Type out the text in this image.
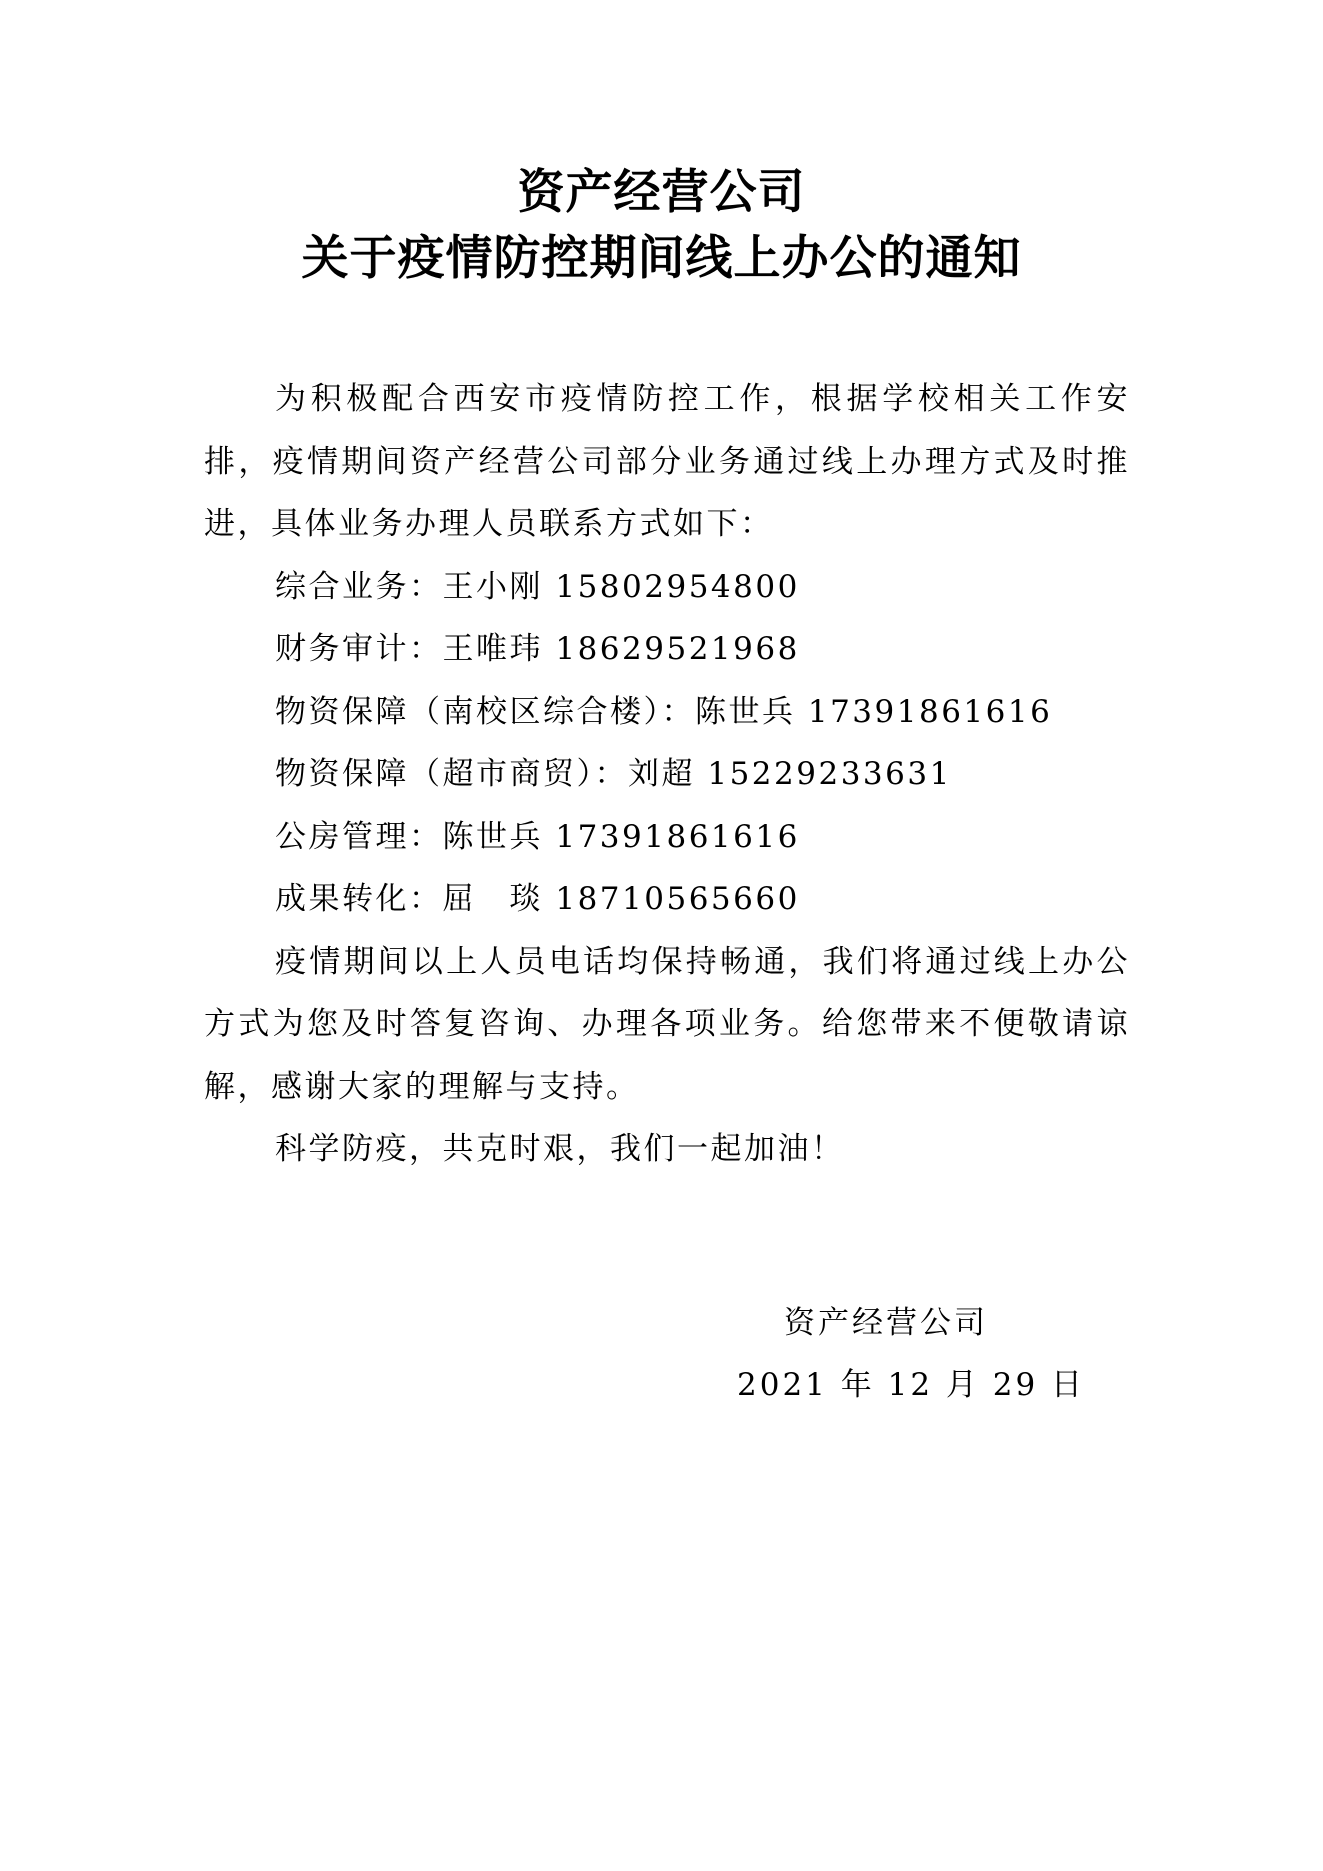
资产经营公司
关于疫情防控期间线上办公的通知

为积极配合西安市疫情防控工作，根据学校相关工作安排，疫情期间资产经营公司部分业务通过线上办理方式及时推进，具体业务办理人员联系方式如下：

综合业务：王小刚 15802954800

财务审计：王唯玮 18629521968

物资保障（南校区综合楼）：陈世兵 17391861616

物资保障（超市商贸）：刘超 15229233631

公房管理：陈世兵 17391861616

成果转化：屈　琰 18710565660

疫情期间以上人员电话均保持畅通，我们将通过线上办公方式为您及时答复咨询、办理各项业务。给您带来不便敬请谅解，感谢大家的理解与支持。

科学防疫，共克时艰，我们一起加油！

资产经营公司
2021 年 12 月 29 日
